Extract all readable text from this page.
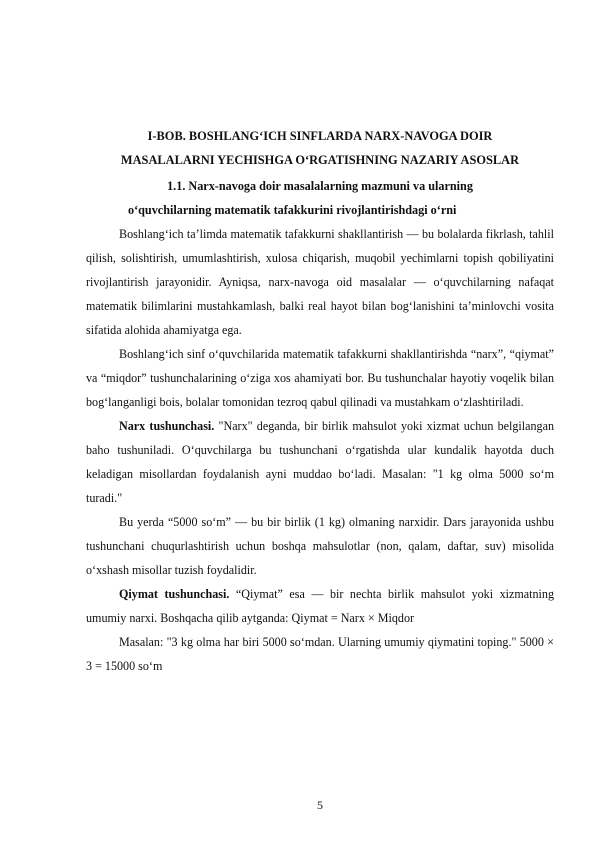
I-BOB. BOSHLANG‘ICH SINFLARDA NARX-NAVOGA DOIR
MASALALARNI YECHISHGA O‘RGATISHNING NAZARIY ASOSLAR
1.1. Narx-navoga doir masalalarning mazmuni va ularning
o‘quvchilarning matematik tafakkurini rivojlantirishdagi o‘rni

Boshlang‘ich ta’limda matematik tafakkurni shakllantirish — bu bolalarda fikrlash, tahlil qilish, solishtirish, umumlashtirish, xulosa chiqarish, muqobil yechimlarni topish qobiliyatini rivojlantirish jarayonidir. Ayniqsa, narx-navoga oid masalalar — o‘quvchilarning nafaqat matematik bilimlarini mustahkamlash, balki real hayot bilan bog‘lanishini ta’minlovchi vosita sifatida alohida ahamiyatga ega.

Boshlang‘ich sinf o‘quvchilarida matematik tafakkurni shakllantirishda “narx”, “qiymat” va “miqdor” tushunchalarining o‘ziga xos ahamiyati bor. Bu tushunchalar hayotiy voqelik bilan bog‘langanligi bois, bolalar tomonidan tezroq qabul qilinadi va mustahkam o‘zlashtiriladi.

Narx tushunchasi. "Narx" deganda, bir birlik mahsulot yoki xizmat uchun belgilangan baho tushuniladi. O‘quvchilarga bu tushunchani o‘rgatishda ular kundalik hayotda duch keladigan misollardan foydalanish ayni muddao bo‘ladi. Masalan: "1 kg olma 5000 so‘m turadi."

Bu yerda “5000 so‘m” — bu bir birlik (1 kg) olmaning narxidir. Dars jarayonida ushbu tushunchani chuqurlashtirish uchun boshqa mahsulotlar (non, qalam, daftar, suv) misolida o‘xshash misollar tuzish foydalidir.

Qiymat tushunchasi. “Qiymat” esa — bir nechta birlik mahsulot yoki xizmatning umumiy narxi. Boshqacha qilib aytganda: Qiymat = Narx × Miqdor

Masalan: "3 kg olma har biri 5000 so‘mdan. Ularning umumiy qiymatini toping." 5000 × 3 = 15000 so‘m

5
